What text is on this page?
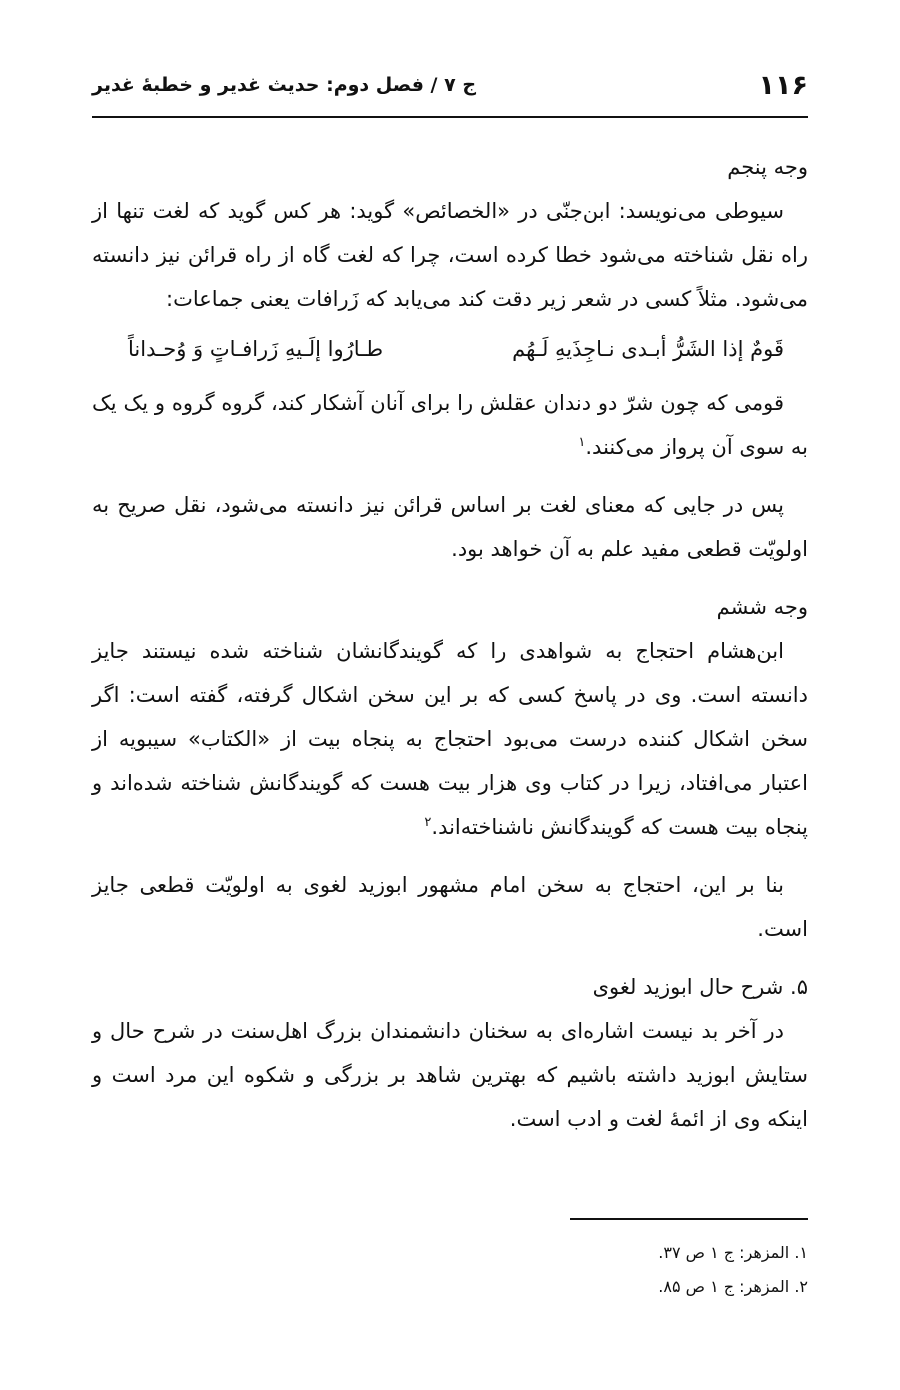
۱۱۶
ج ۷ / فصل دوم: حدیث غدیر و خطبهٔ غدیر
وجه پنجم

سیوطی می‌نویسد: ابن‌جنّی در «الخصائص» گوید: هر کس گوید که لغت تنها از راه نقل شناخته می‌شود خطا کرده است، چرا که لغت گاه از راه قرائن نیز دانسته می‌شود. مثلاً کسی در شعر زیر دقت کند می‌یابد که زَرافات یعنی جماعات:

قَومٌ إذا الشَرُّ أبـدی نـاجِذَیهِ لَـهُم
طـارُوا إلَـیهِ زَرافـاتٍ وَ وُحـداناً

قومی که چون شرّ دو دندان عقلش را برای آنان آشکار کند، گروه گروه و یک یک به سوی آن پرواز می‌کنند.$^۱$

پس در جایی که معنای لغت بر اساس قرائن نیز دانسته می‌شود، نقل صریح به اولویّت قطعی مفید علم به آن خواهد بود.

وجه ششم

ابن‌هشام احتجاج به شواهدی را که گویندگانشان شناخته شده نیستند جایز دانسته است. وی در پاسخ کسی که بر این سخن اشکال گرفته، گفته است: اگر سخن اشکال کننده درست می‌بود احتجاج به پنجاه بیت از «الکتاب» سیبویه از اعتبار می‌افتاد، زیرا در کتاب وی هزار بیت هست که گویندگانش شناخته شده‌اند و پنجاه بیت هست که گویندگانش ناشناخته‌اند.$^۲$

بنا بر این، احتجاج به سخن امام مشهور ابوزید لغوی به اولویّت قطعی جایز است.

۵. شرح حال ابوزید لغوی

در آخر بد نیست اشاره‌ای به سخنان دانشمندان بزرگ اهل‌سنت در شرح حال و ستایش ابوزید داشته باشیم که بهترین شاهد بر بزرگی و شکوه این مرد است و اینکه وی از ائمهٔ لغت و ادب است.

۱. المزهر: ج ۱ ص ۳۷.
۲. المزهر: ج ۱ ص ۸۵.
